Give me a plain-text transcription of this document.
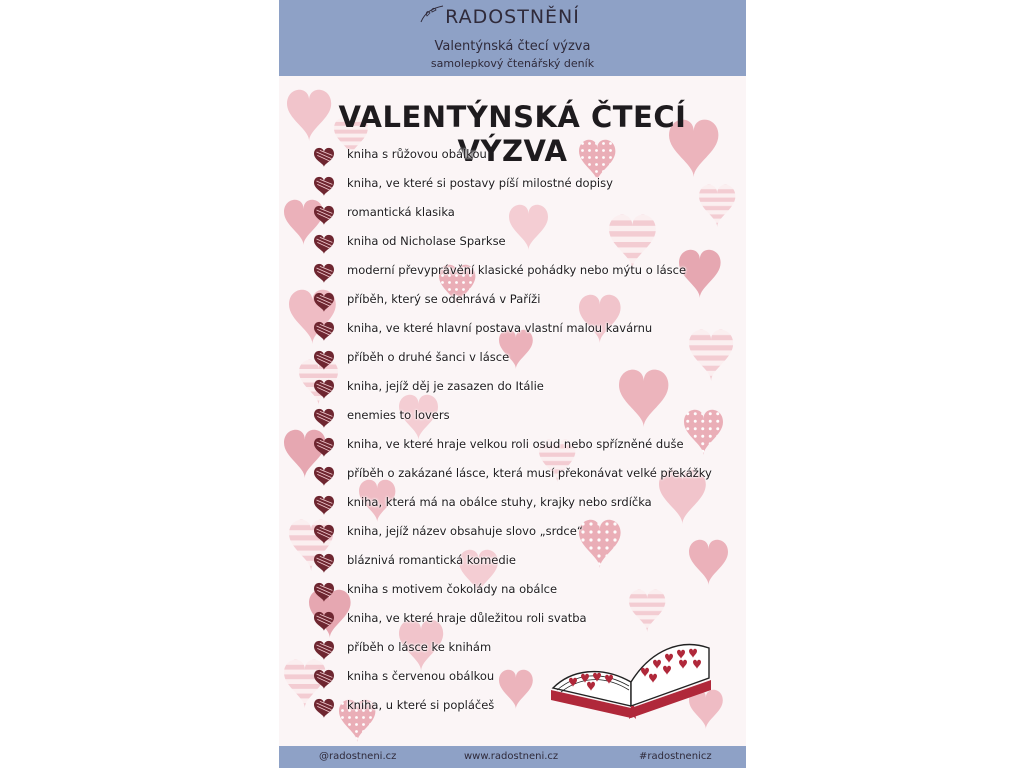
RADOSTNĚNÍ
Valentýnská čtecí výzva
samolepkový čtenářský deník
VALENTÝNSKÁ ČTECÍ VÝZVA
kniha s růžovou obálkou
kniha, ve které si postavy píší milostné dopisy
romantická klasika
kniha od Nicholase Sparkse
moderní převyprávění klasické pohádky nebo mýtu o lásce
příběh, který se odehrává v Paříži
kniha, ve které hlavní postava vlastní malou kavárnu
příběh o druhé šanci v lásce
kniha, jejíž děj je zasazen do Itálie
enemies to lovers
kniha, ve které hraje velkou roli osud nebo spřízněné duše
příběh o zakázané lásce, která musí překonávat velké překážky
kniha, která má na obálce stuhy, krajky nebo srdíčka
kniha, jejíž název obsahuje slovo „srdce“
bláznivá romantická komedie
kniha s motivem čokolády na obálce
kniha, ve které hraje důležitou roli svatba
příběh o lásce ke knihám
kniha s červenou obálkou
kniha, u které si popláčeš
@radostneni.cz	www.radostneni.cz	#radostnenicz
